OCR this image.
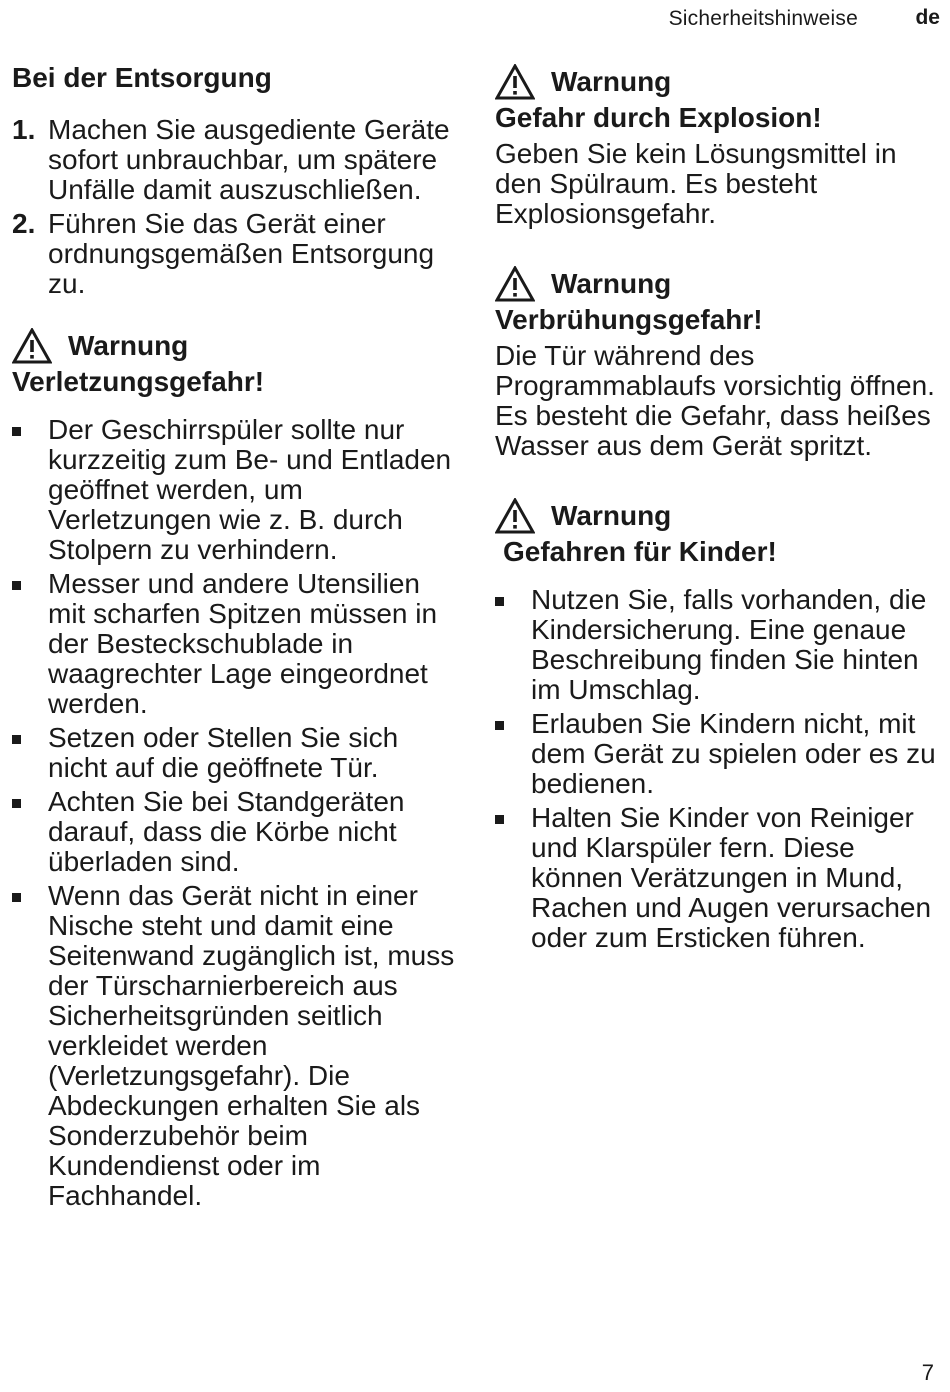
Sicherheitshinweise	de
Bei der Entsorgung
1. Machen Sie ausgediente Geräte sofort unbrauchbar, um spätere Unfälle damit auszuschließen.
2. Führen Sie das Gerät einer ordnungsgemäßen Entsorgung zu.
Warnung
Verletzungsgefahr!
Der Geschirrspüler sollte nur kurzzeitig zum Be- und Entladen geöffnet werden, um Verletzungen wie z. B. durch Stolpern zu verhindern.
Messer und andere Utensilien mit scharfen Spitzen müssen in der Besteckschublade in waagrechter Lage eingeordnet werden.
Setzen oder Stellen Sie sich nicht auf die geöffnete Tür.
Achten Sie bei Standgeräten darauf, dass die Körbe nicht überladen sind.
Wenn das Gerät nicht in einer Nische steht und damit eine Seitenwand zugänglich ist, muss der Türscharnierbereich aus Sicherheitsgründen seitlich verkleidet werden (Verletzungsgefahr). Die Abdeckungen erhalten Sie als Sonderzubehör beim Kundendienst oder im Fachhandel.
Warnung
Gefahr durch Explosion!

Geben Sie kein Lösungsmittel in den Spülraum. Es besteht Explosionsgefahr.

Warnung
Verbrühungsgefahr!

Die Tür während des Programmablaufs vorsichtig öffnen. Es besteht die Gefahr, dass heißes Wasser aus dem Gerät spritzt.

Warnung
Gefahren für Kinder!
Nutzen Sie, falls vorhanden, die Kindersicherung. Eine genaue Beschreibung finden Sie hinten im Umschlag.
Erlauben Sie Kindern nicht, mit dem Gerät zu spielen oder es zu bedienen.
Halten Sie Kinder von Reiniger und Klarspüler fern. Diese können Verätzungen in Mund, Rachen und Augen verursachen oder zum Ersticken führen.
7
